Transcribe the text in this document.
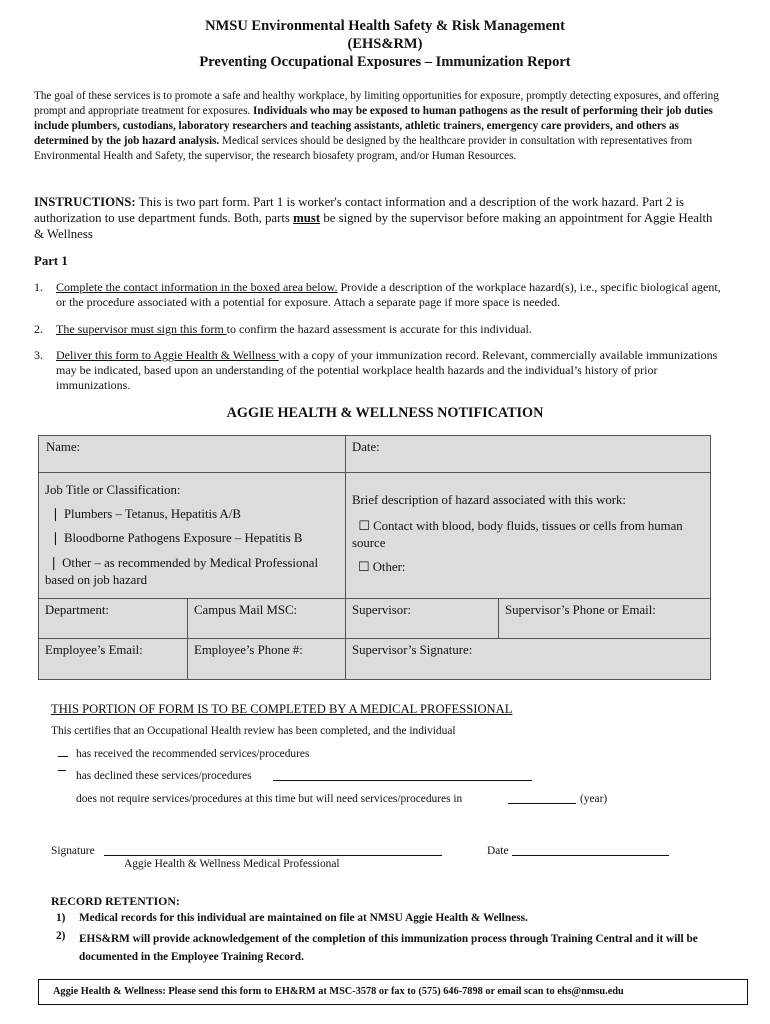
NMSU Environmental Health Safety & Risk Management
(EHS&RM)
Preventing Occupational Exposures – Immunization Report
The goal of these services is to promote a safe and healthy workplace, by limiting opportunities for exposure, promptly detecting exposures, and offering prompt and appropriate treatment for exposures. Individuals who may be exposed to human pathogens as the result of performing their job duties include plumbers, custodians, laboratory researchers and teaching assistants, athletic trainers, emergency care providers, and others as determined by the job hazard analysis. Medical services should be designed by the healthcare provider in consultation with representatives from Environmental Health and Safety, the supervisor, the research biosafety program, and/or Human Resources.
INSTRUCTIONS: This is two part form. Part 1 is worker's contact information and a description of the work hazard. Part 2 is authorization to use department funds. Both, parts must be signed by the supervisor before making an appointment for Aggie Health & Wellness
Part 1
1. Complete the contact information in the boxed area below. Provide a description of the workplace hazard(s), i.e., specific biological agent, or the procedure associated with a potential for exposure. Attach a separate page if more space is needed.
2. The supervisor must sign this form to confirm the hazard assessment is accurate for this individual.
3. Deliver this form to Aggie Health & Wellness with a copy of your immunization record. Relevant, commercially available immunizations may be indicated, based upon an understanding of the potential workplace health hazards and the individual’s history of prior immunizations.
AGGIE HEALTH & WELLNESS NOTIFICATION
Name:	Date:
Job Title or Classification:
❘ Plumbers – Tetanus, Hepatitis A/B
❘ Bloodborne Pathogens Exposure – Hepatitis B
❘ Other – as recommended by Medical Professional based on job hazard
Brief description of hazard associated with this work:
☐ Contact with blood, body fluids, tissues or cells from human source
☐ Other:
Department:	Campus Mail MSC:	Supervisor:	Supervisor’s Phone or Email:
Employee’s Email:	Employee’s Phone #:	Supervisor’s Signature:
THIS PORTION OF FORM IS TO BE COMPLETED BY A MEDICAL PROFESSIONAL
This certifies that an Occupational Health review has been completed, and the individual
has received the recommended services/procedures
has declined these services/procedures
does not require services/procedures at this time but will need services/procedures in	(year)
Signature
Aggie Health & Wellness Medical Professional
Date
RECORD RETENTION:
1) Medical records for this individual are maintained on file at NMSU Aggie Health & Wellness.
2) EHS&RM will provide acknowledgement of the completion of this immunization process through Training Central and it will be documented in the Employee Training Record.
Aggie Health & Wellness: Please send this form to EH&RM at MSC-3578 or fax to (575) 646-7898 or email scan to ehs@nmsu.edu
